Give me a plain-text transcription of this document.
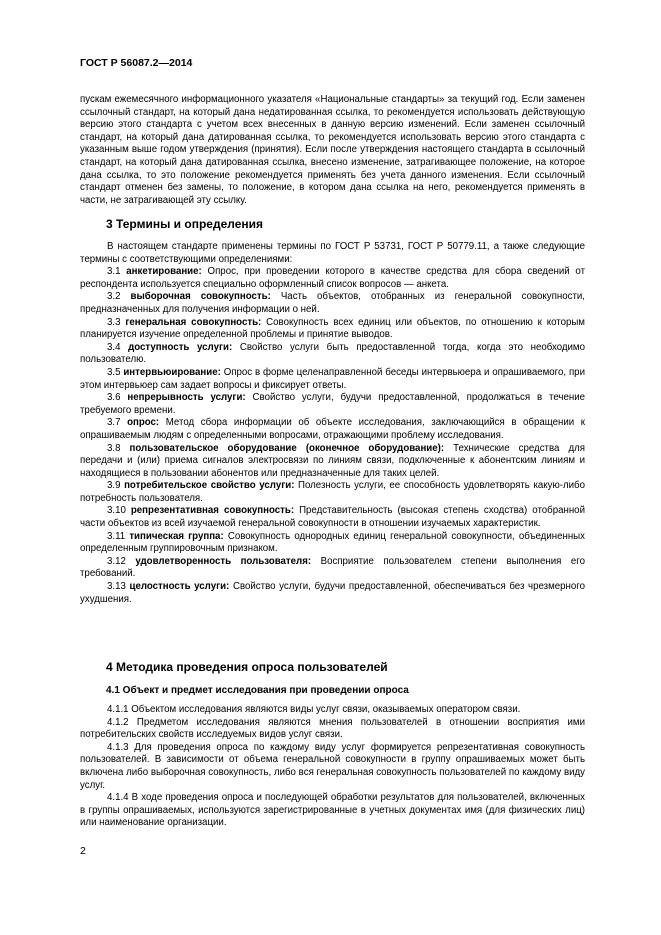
ГОСТ Р 56087.2—2014

пускам ежемесячного информационного указателя «Национальные стандарты» за текущий год. Если заменен ссылочный стандарт, на который дана недатированная ссылка, то рекомендуется использовать действующую версию этого стандарта с учетом всех внесенных в данную версию изменений. Если заменен ссылочный стандарт, на который дана датированная ссылка, то рекомендуется использовать версию этого стандарта с указанным выше годом утверждения (принятия). Если после утверждения настоящего стандарта в ссылочный стандарт, на который дана датированная ссылка, внесено изменение, затрагивающее положение, на которое дана ссылка, то это положение рекомендуется применять без учета данного изменения. Если ссылочный стандарт отменен без замены, то положение, в котором дана ссылка на него, рекомендуется применять в части, не затрагивающей эту ссылку.

3 Термины и определения

В настоящем стандарте применены термины по ГОСТ Р 53731, ГОСТ Р 50779.11, а также следующие термины с соответствующими определениями:

3.1 анкетирование: Опрос, при проведении которого в качестве средства для сбора сведений от респондента используется специально оформленный список вопросов — анкета.

3.2 выборочная совокупность: Часть объектов, отобранных из генеральной совокупности, предназначенных для получения информации о ней.

3.3 генеральная совокупность: Совокупность всех единиц или объектов, по отношению к которым планируется изучение определенной проблемы и принятие выводов.

3.4 доступность услуги: Свойство услуги быть предоставленной тогда, когда это необходимо пользователю.

3.5 интервьюирование: Опрос в форме целенаправленной беседы интервьюера и опрашиваемого, при этом интервьюер сам задает вопросы и фиксирует ответы.

3.6 непрерывность услуги: Свойство услуги, будучи предоставленной, продолжаться в течение требуемого времени.

3.7 опрос: Метод сбора информации об объекте исследования, заключающийся в обращении к опрашиваемым людям с определенными вопросами, отражающими проблему исследования.

3.8 пользовательское оборудование (оконечное оборудование): Технические средства для передачи и (или) приема сигналов электросвязи по линиям связи, подключенные к абонентским линиям и находящиеся в пользовании абонентов или предназначенные для таких целей.

3.9 потребительское свойство услуги: Полезность услуги, ее способность удовлетворять какую-либо потребность пользователя.

3.10 репрезентативная совокупность: Представительность (высокая степень сходства) отобранной части объектов из всей изучаемой генеральной совокупности в отношении изучаемых характеристик.

3.11 типическая группа: Совокупность однородных единиц генеральной совокупности, объединенных определенным группировочным признаком.

3.12 удовлетворенность пользователя: Восприятие пользователем степени выполнения его требований.

3.13 целостность услуги: Свойство услуги, будучи предоставленной, обеспечиваться без чрезмерного ухудшения.

4 Методика проведения опроса пользователей
4.1 Объект и предмет исследования при проведении опроса

4.1.1 Объектом исследования являются виды услуг связи, оказываемых оператором связи.

4.1.2 Предметом исследования являются мнения пользователей в отношении восприятия ими потребительских свойств исследуемых видов услуг связи.

4.1.3 Для проведения опроса по каждому виду услуг формируется репрезентативная совокупность пользователей. В зависимости от объема генеральной совокупности в группу опрашиваемых может быть включена либо выборочная совокупность, либо вся генеральная совокупность пользователей по каждому виду услуг.

4.1.4 В ходе проведения опроса и последующей обработки результатов для пользователей, включенных в группы опрашиваемых, используются зарегистрированные в учетных документах имя (для физических лиц) или наименование организации.

2
